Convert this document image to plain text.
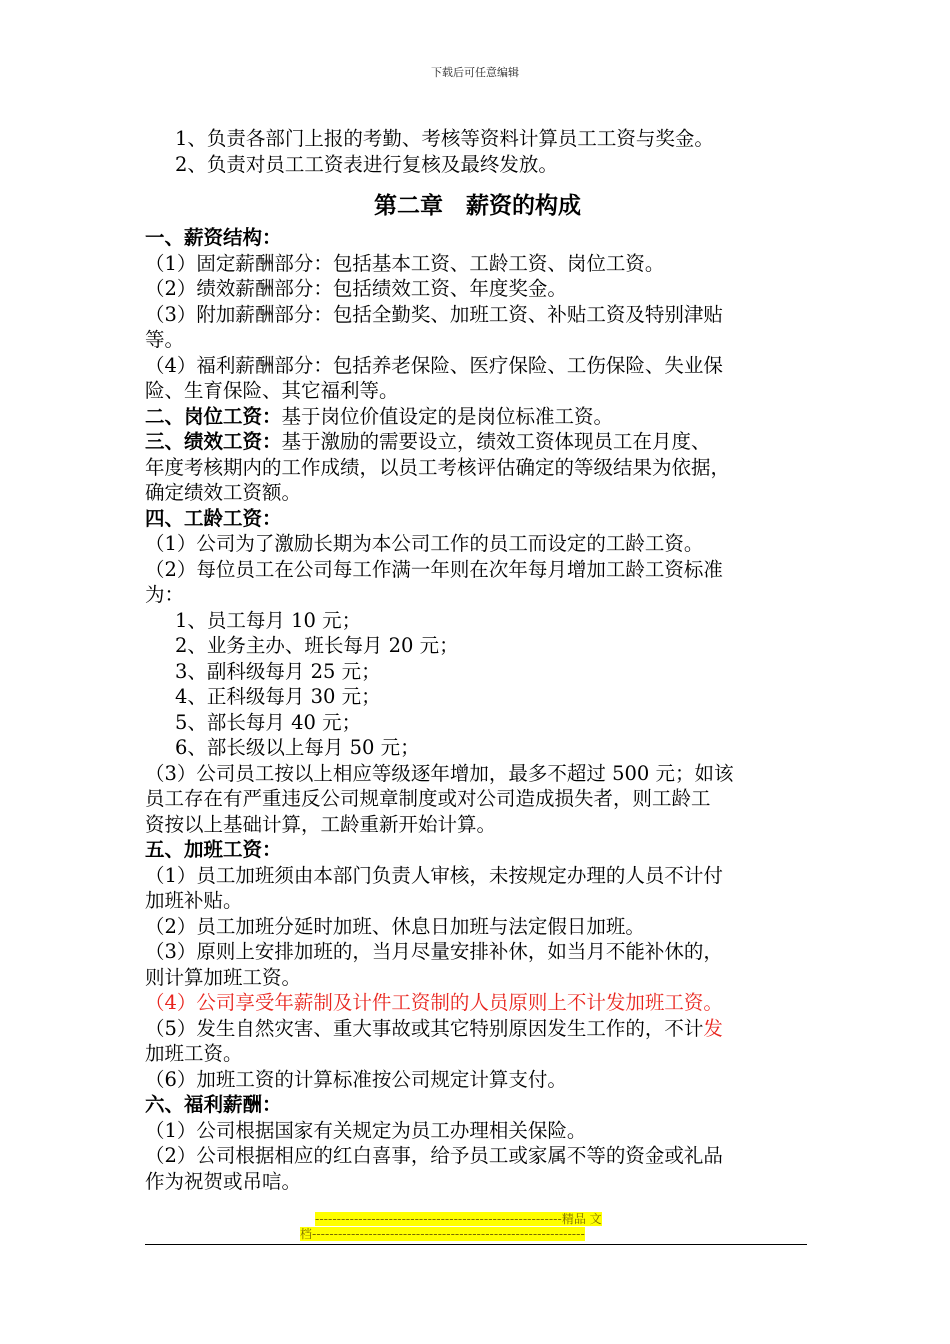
下载后可任意编辑
1、负责各部门上报的考勤、考核等资料计算员工工资与奖金。
2、负责对员工工资表进行复核及最终发放。
第二章　薪资的构成
一、薪资结构：
（1）固定薪酬部分：包括基本工资、工龄工资、岗位工资。
（2）绩效薪酬部分：包括绩效工资、年度奖金。
（3）附加薪酬部分：包括全勤奖、加班工资、补贴工资及特别津贴
等。
（4）福利薪酬部分：包括养老保险、医疗保险、工伤保险、失业保
险、生育保险、其它福利等。
二、岗位工资：基于岗位价值设定的是岗位标准工资。
三、绩效工资：基于激励的需要设立，绩效工资体现员工在月度、
年度考核期内的工作成绩，以员工考核评估确定的等级结果为依据，
确定绩效工资额。
四、工龄工资：
（1）公司为了激励长期为本公司工作的员工而设定的工龄工资。
（2）每位员工在公司每工作满一年则在次年每月增加工龄工资标准
为：
1、员工每月 10 元；
2、业务主办、班长每月 20 元；
3、副科级每月 25 元；
4、正科级每月 30 元；
5、部长每月 40 元；
6、部长级以上每月 50 元；
（3）公司员工按以上相应等级逐年增加，最多不超过 500 元；如该
员工存在有严重违反公司规章制度或对公司造成损失者，则工龄工
资按以上基础计算，工龄重新开始计算。
五、加班工资：
（1）员工加班须由本部门负责人审核，未按规定办理的人员不计付
加班补贴。
（2）员工加班分延时加班、休息日加班与法定假日加班。
（3）原则上安排加班的，当月尽量安排补休，如当月不能补休的，
则计算加班工资。
（4）公司享受年薪制及计件工资制的人员原则上不计发加班工资。
（5）发生自然灾害、重大事故或其它特别原因发生工作的，不计发
加班工资。
（6）加班工资的计算标准按公司规定计算支付。
六、福利薪酬：
（1）公司根据国家有关规定为员工办理相关保险。
（2）公司根据相应的红白喜事，给予员工或家属不等的资金或礼品
作为祝贺或吊唁。
---------------------------------------------------------精品 文
档---------------------------------------------------------------
